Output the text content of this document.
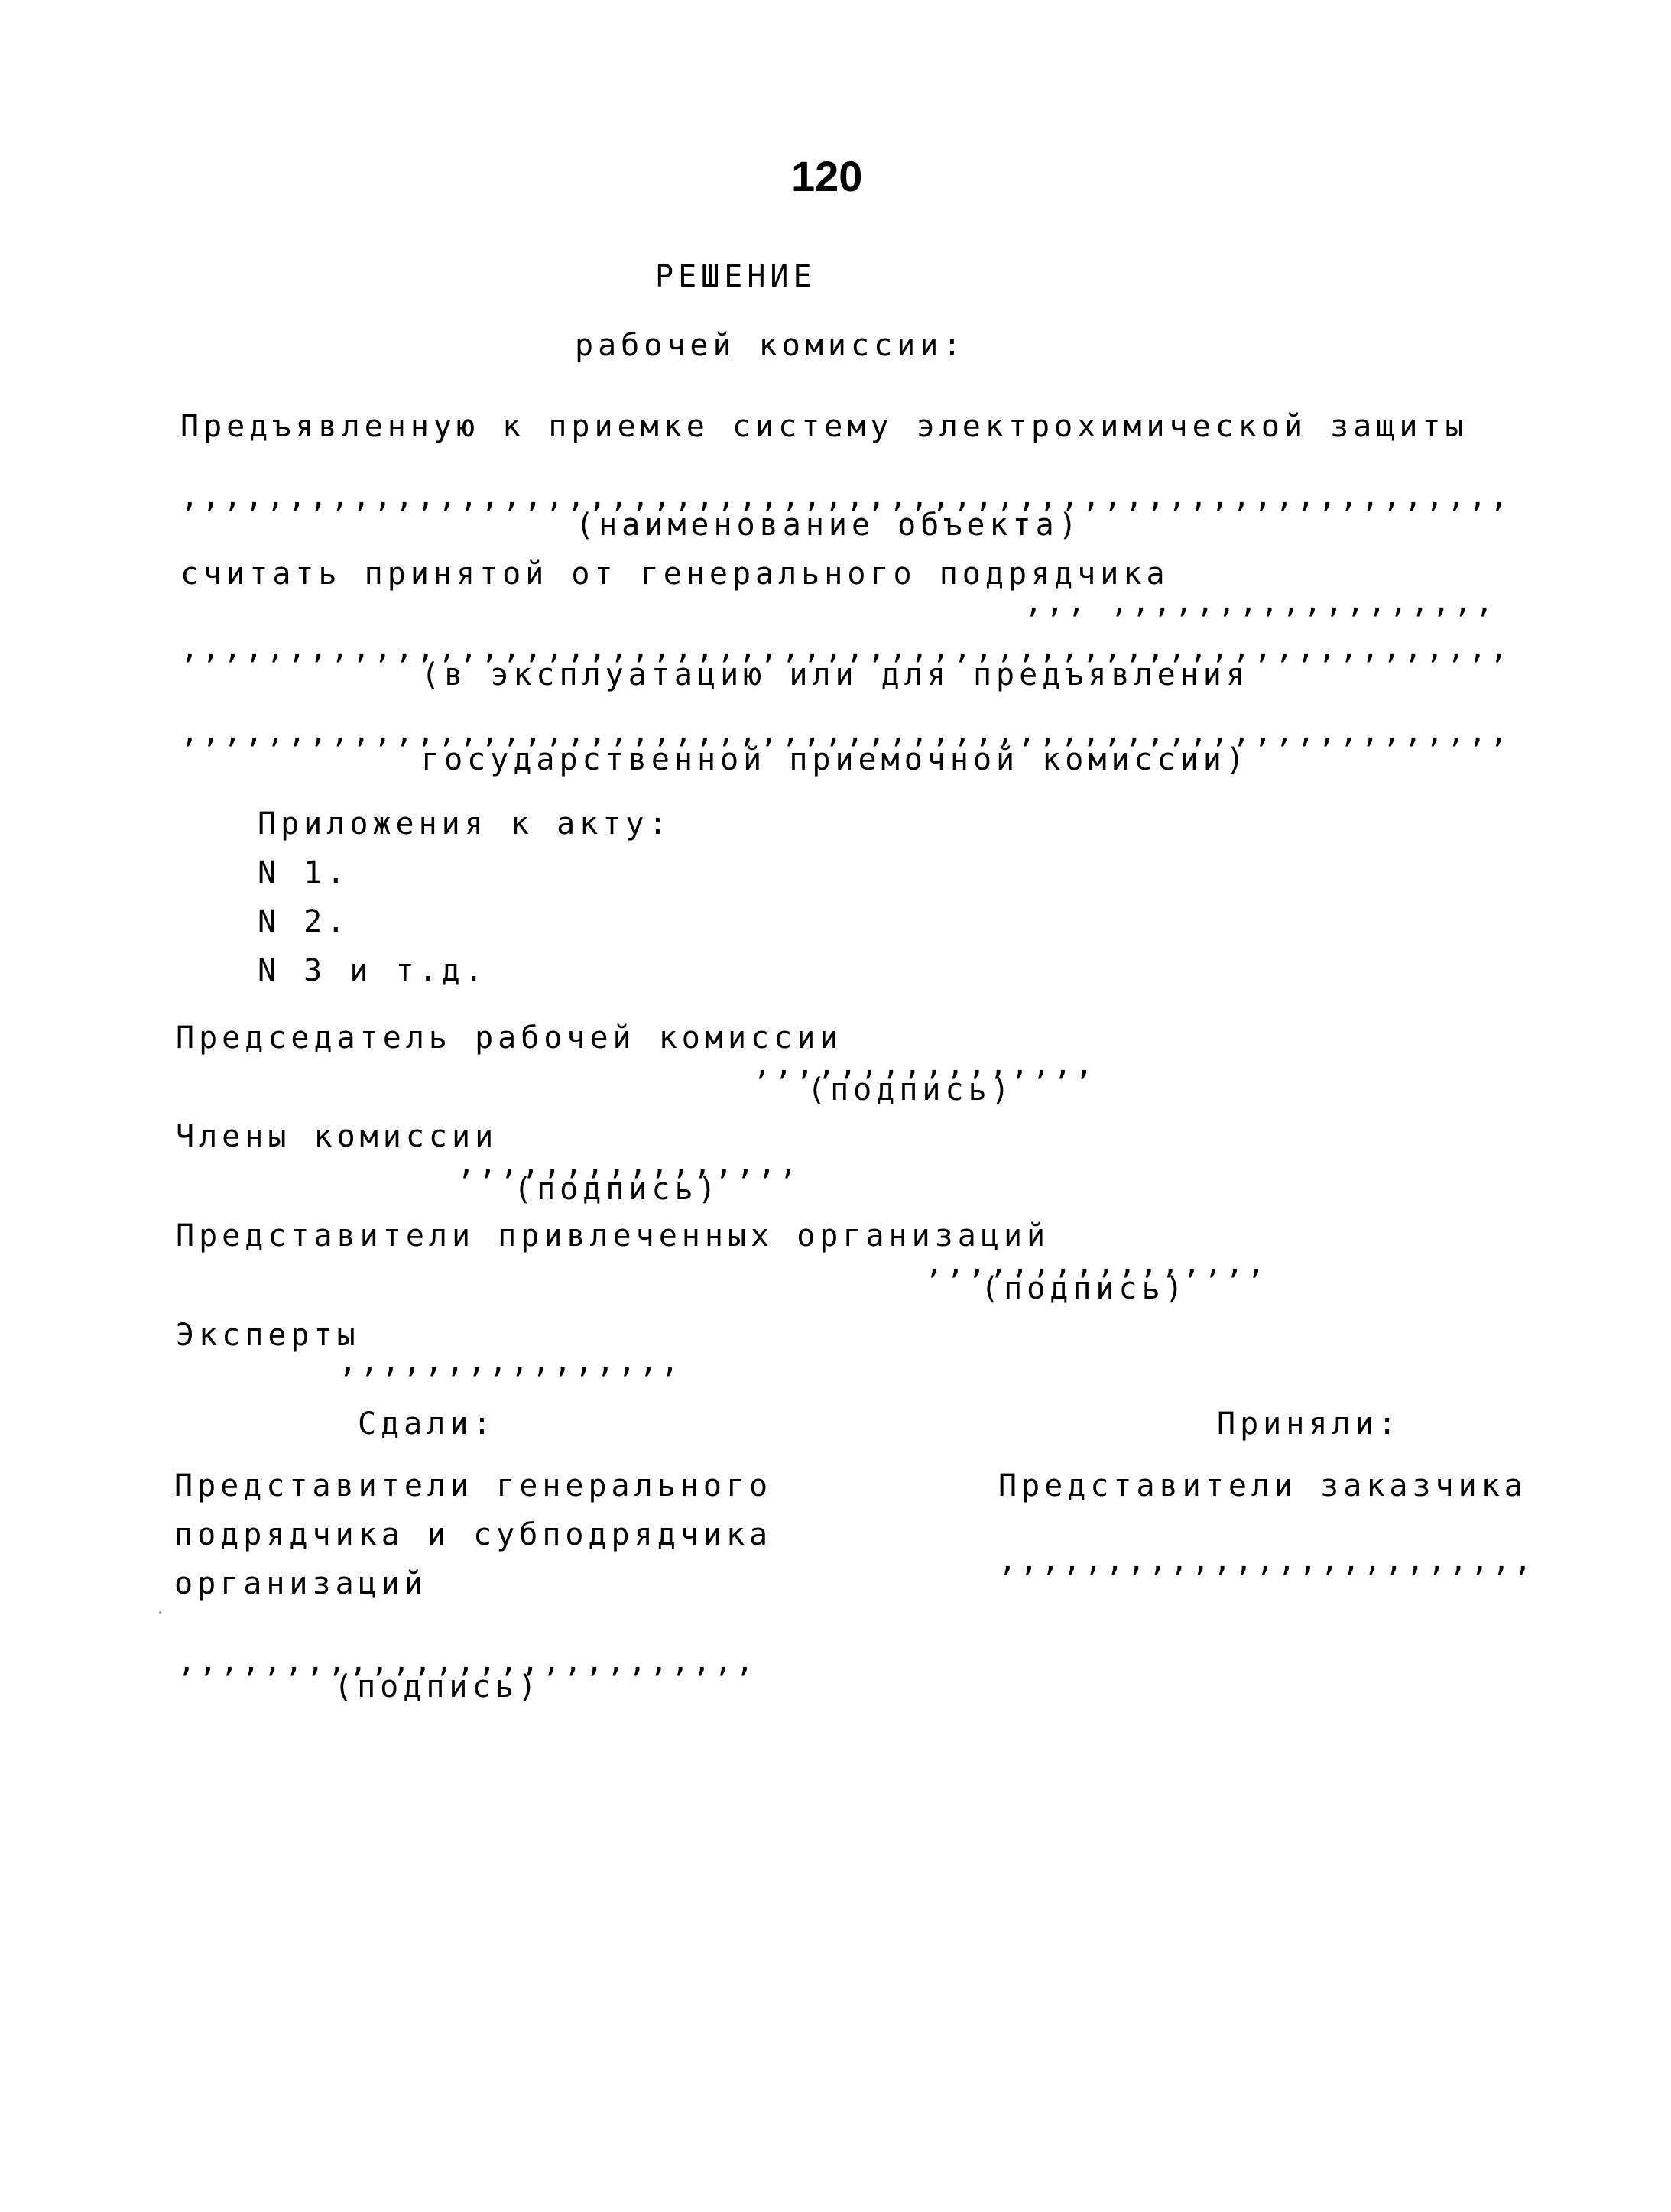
120
РЕШЕНИЕ
рабочей комиссии:
Предъявленную к приемке систему электрохимической защиты
,,,,,,,,,,,,,,,,,,,,,,,,,,,,,,,,,,,,,,,,,,,,,,,,,,,,,,,,,,,,,,
(наименование объекта)
считать принятой от генерального подрядчика
,,, ,,,,,,,,,,,,,,,,,,
,,,,,,,,,,,,,,,,,,,,,,,,,,,,,,,,,,,,,,,,,,,,,,,,,,,,,,,,,,,,,,
(в эксплуатацию или для предъявления
,,,,,,,,,,,,,,,,,,,,,,,,,,,,,,,,,,,,,,,,,,,,,,,,,,,,,,,,,,,,,,
государственной приемочной комиссии)
Приложения к акту:
N 1.
N 2.
N 3 и т.д.
Председатель рабочей комиссии
,,,,,,,,,,,,,,,,
(подпись)
Члены комиссии
,,,,,,,,,,,,,,,,
(подпись)
Представители привлеченных организаций
,,,,,,,,,,,,,,,,
(подпись)
Эксперты
,,,,,,,,,,,,,,,,
Сдали:	Приняли:
Представители генерального
подрядчика и субподрядчика
организаций
Представители заказчика
,,,,,,,,,,,,,,,,,,,,,,,,,
,,,,,,,,,,,,,,,,,,,,,,,,,,,
(подпись)
